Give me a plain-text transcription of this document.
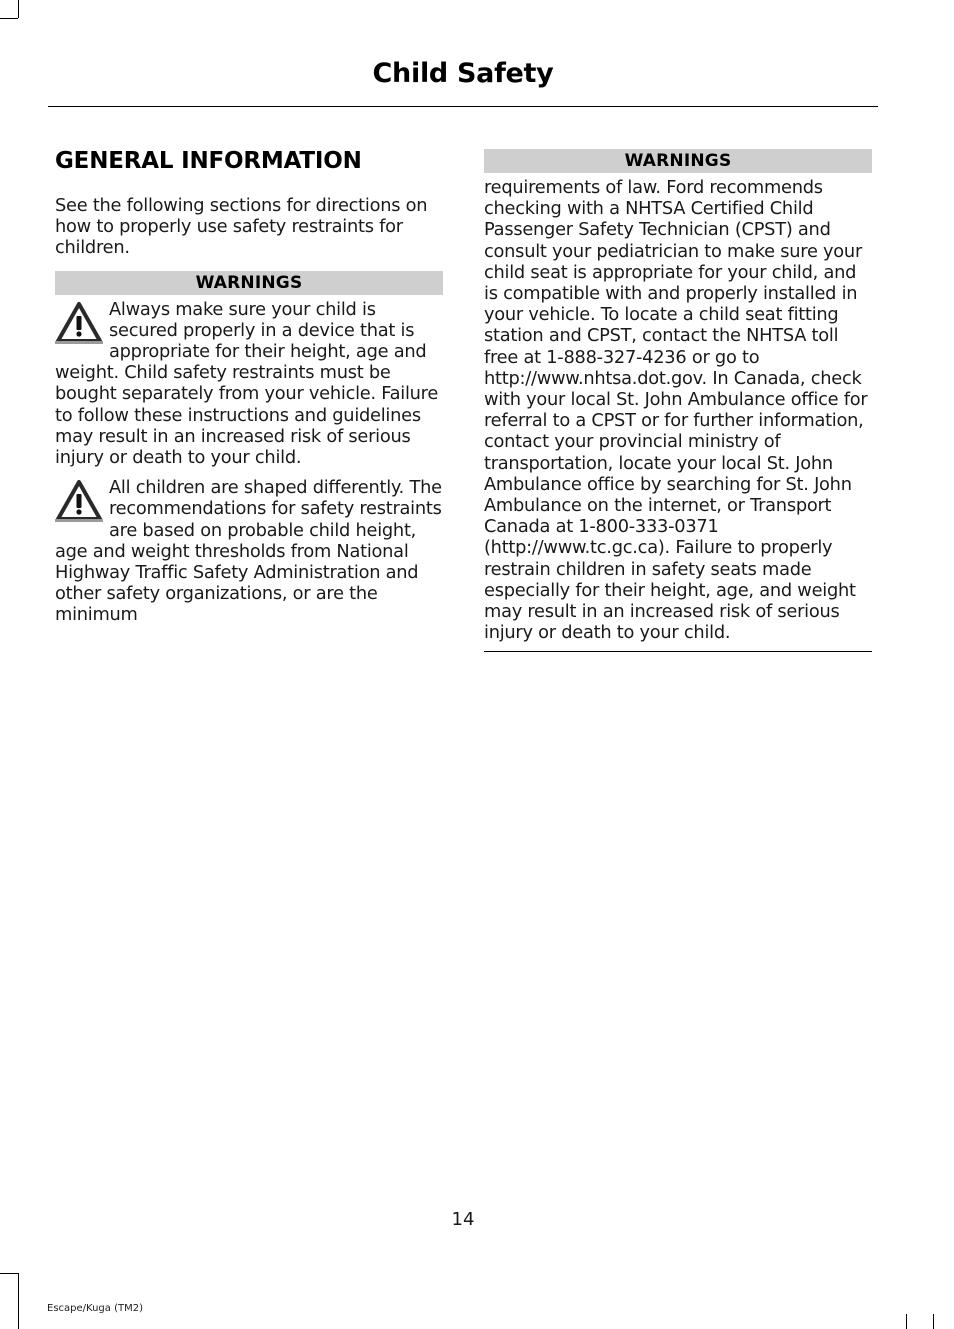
Child Safety
GENERAL INFORMATION

See the following sections for directions on how to properly use safety restraints for children.

WARNINGS

Always make sure your child is secured properly in a device that is appropriate for their height, age and weight. Child safety restraints must be bought separately from your vehicle. Failure to follow these instructions and guidelines may result in an increased risk of serious injury or death to your child.

All children are shaped differently. The recommendations for safety restraints are based on probable child height, age and weight thresholds from National Highway Traffic Safety Administration and other safety organizations, or are the minimum

WARNINGS

requirements of law. Ford recommends checking with a NHTSA Certified Child Passenger Safety Technician (CPST) and consult your pediatrician to make sure your child seat is appropriate for your child, and is compatible with and properly installed in your vehicle. To locate a child seat fitting station and CPST, contact the NHTSA toll free at 1-888-327-4236 or go to http://www.nhtsa.dot.gov. In Canada, check with your local St. John Ambulance office for referral to a CPST or for further information, contact your provincial ministry of transportation, locate your local St. John Ambulance office by searching for St. John Ambulance on the internet, or Transport Canada at 1-800-333-0371 (http://www.tc.gc.ca). Failure to properly restrain children in safety seats made especially for their height, age, and weight may result in an increased risk of serious injury or death to your child.

14
Escape/Kuga (TM2)
